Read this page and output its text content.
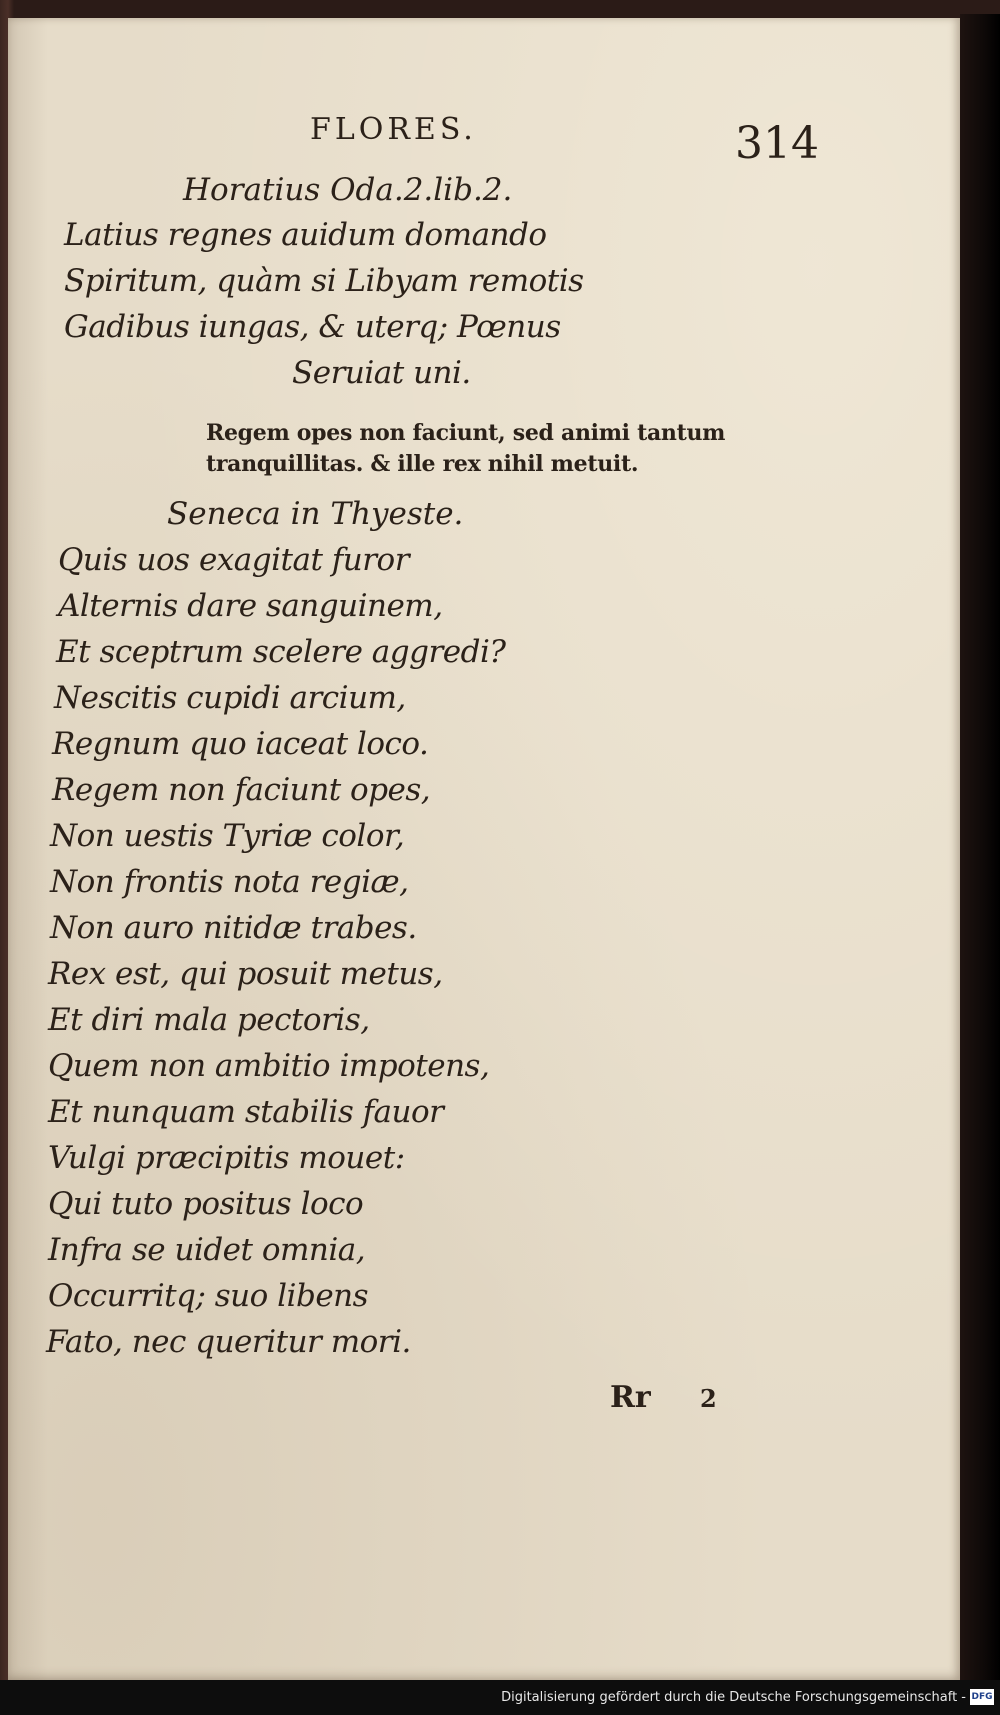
FLORES.	314

Horatius Oda.2.lib.2.

Latius regnes auidum domando

Spiritum, quàm si Libyam remotis

Gadibus iungas, & uterq; Pœnus

Seruiat uni.

Regem opes non faciunt, sed animi tantum

tranquillitas. & ille rex nihil metuit.

Seneca in Thyeste.

Quis uos exagitat furor

Alternis dare sanguinem,

Et sceptrum scelere aggredi?

Nescitis cupidi arcium,

Regnum quo iaceat loco.

Regem non faciunt opes,

Non uestis Tyriæ color,

Non frontis nota regiæ,

Non auro nitidæ trabes.

Rex est, qui posuit metus,

Et diri mala pectoris,

Quem non ambitio impotens,

Et nunquam stabilis fauor

Vulgi præcipitis mouet:

Qui tuto positus loco

Infra se uidet omnia,

Occurritq; suo libens

Fato, nec queritur mori.

Rr 2

Digitalisierung gefördert durch die Deutsche Forschungsgemeinschaft - DFG
